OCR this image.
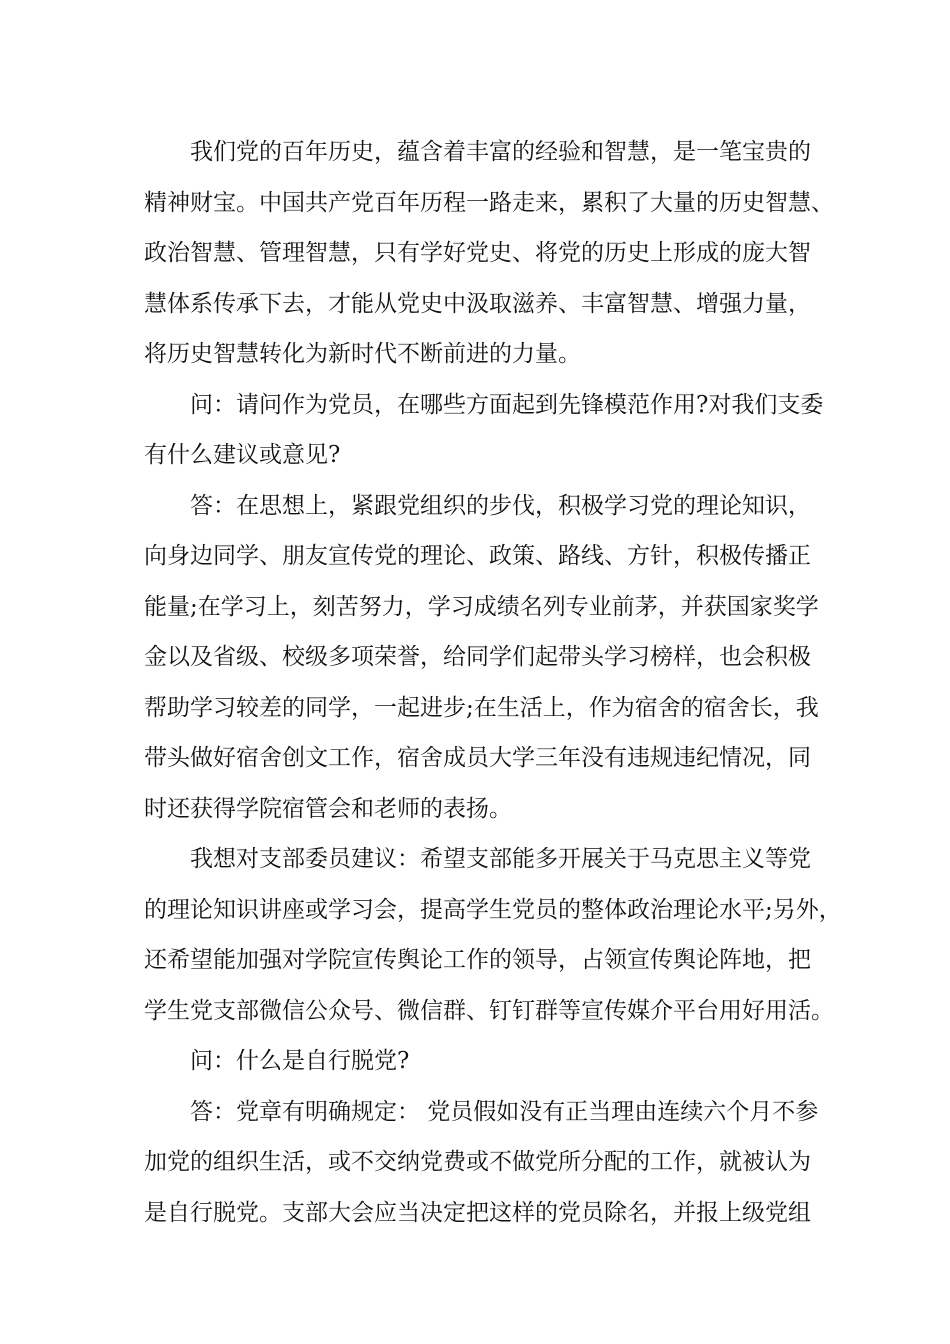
我们党的百年历史，蕴含着丰富的经验和智慧，是一笔宝贵的
精神财宝。中国共产党百年历程一路走来，累积了大量的历史智慧、
政治智慧、管理智慧，只有学好党史、将党的历史上形成的庞大智
慧体系传承下去，才能从党史中汲取滋养、丰富智慧、增强力量，
将历史智慧转化为新时代不断前进的力量。
问：请问作为党员，在哪些方面起到先锋模范作用?对我们支委
有什么建议或意见?
答：在思想上，紧跟党组织的步伐，积极学习党的理论知识，
向身边同学、朋友宣传党的理论、政策、路线、方针，积极传播正
能量;在学习上，刻苦努力，学习成绩名列专业前茅，并获国家奖学
金以及省级、校级多项荣誉，给同学们起带头学习榜样，也会积极
帮助学习较差的同学，一起进步;在生活上，作为宿舍的宿舍长，我
带头做好宿舍创文工作，宿舍成员大学三年没有违规违纪情况，同
时还获得学院宿管会和老师的表扬。
我想对支部委员建议：希望支部能多开展关于马克思主义等党
的理论知识讲座或学习会，提高学生党员的整体政治理论水平;另外，
还希望能加强对学院宣传舆论工作的领导，占领宣传舆论阵地，把
学生党支部微信公众号、微信群、钉钉群等宣传媒介平台用好用活。
问：什么是自行脱党?
答：党章有明确规定： 党员假如没有正当理由连续六个月不参
加党的组织生活，或不交纳党费或不做党所分配的工作，就被认为
是自行脱党。支部大会应当决定把这样的党员除名，并报上级党组
